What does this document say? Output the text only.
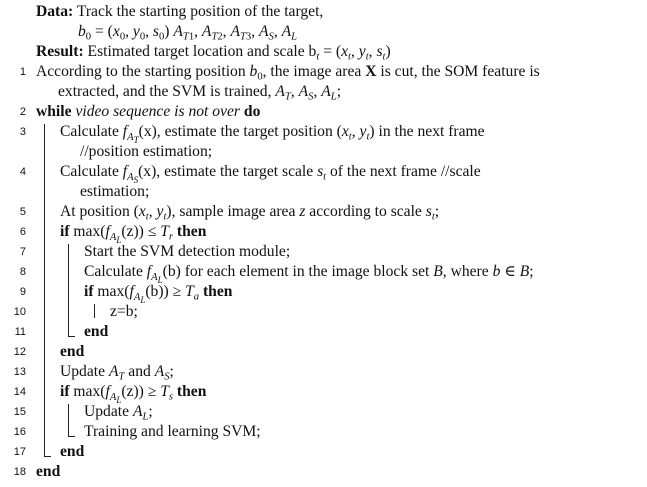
Data: Track the starting position of the target,
$b_0 = (x_0$, $y_0$, $s_0$) $A_{T1}$, $A_{T2}$, $A_{T3}$, $A_S$, $A_L$
Result: Estimated target location and scale $b_t = (x_t$, $y_t$, $s_t$)
1 According to the starting position $b_0$, the image area X is cut, the SOM feature is
extracted, and the SVM is trained, $A_T$, $A_S$, $A_L$;
2 while video sequence is not over do
3 Calculate $f_{A_T}(x)$, estimate the target position ($x_t$, $y_t$) in the next frame
//position estimation;
4 Calculate $f_{A_S}(x)$, estimate the target scale $s_t$ of the next frame //scale
estimation;
5 At position ($x_t$, $y_t$), sample image area z according to scale $s_t$;
6 if $\max(f_{A_L}(z)) \le T_r$ then
7	Start the SVM detection module;
8	Calculate $f_{A_L}(b)$ for each element in the image block set B, where b ∈ B;
9	if $\max(f_{A_L}(b)) \ge T_a$ then
10	z=b;
11	end
12 end
13 Update $A_T$ and $A_S$;
14 if $\max(f_{A_L}(z)) \ge T_s$ then
15	Update $A_L$;
16	Training and learning SVM;
17 end
18 end
